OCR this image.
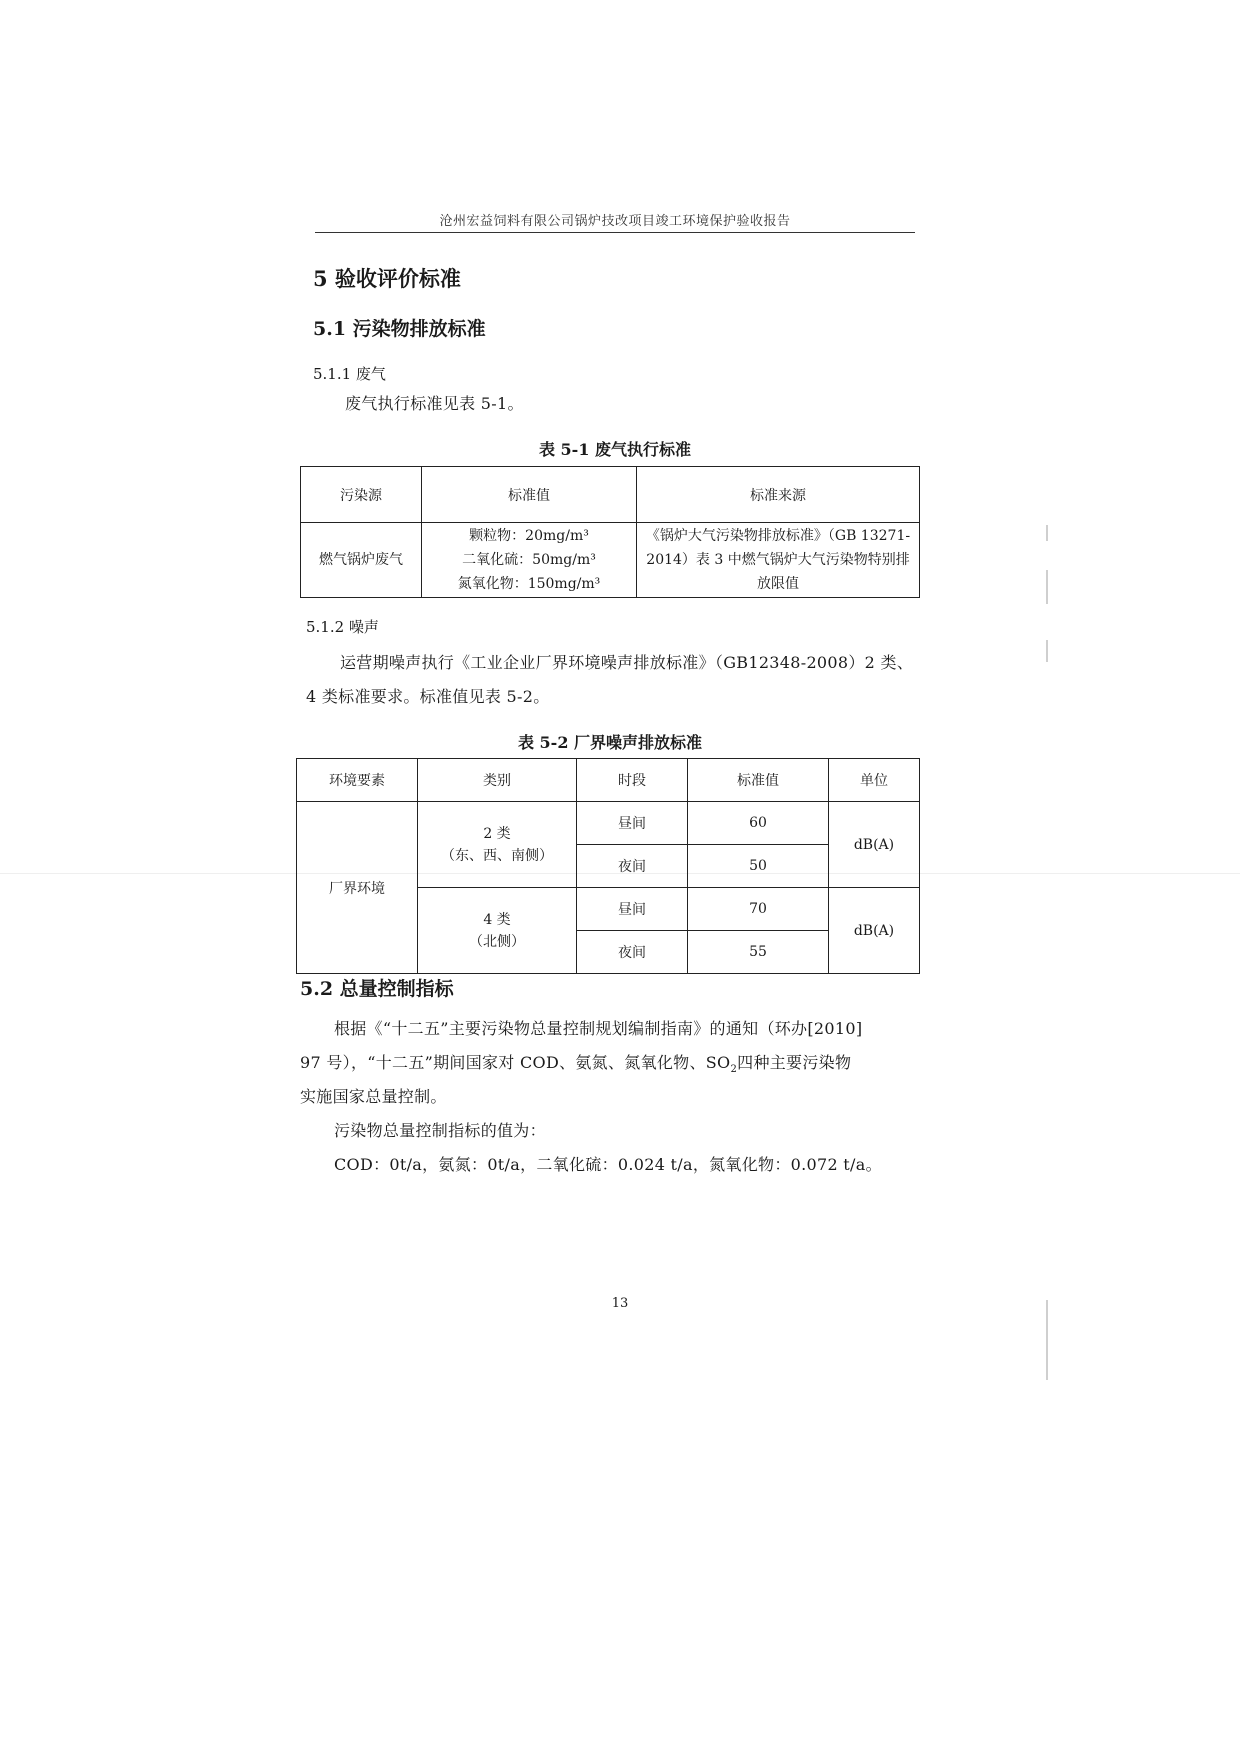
沧州宏益饲料有限公司锅炉技改项目竣工环境保护验收报告
5 验收评价标准
5.1 污染物排放标准
5.1.1 废气
废气执行标准见表 5-1。
表 5-1 废气执行标准
污染源	标准值	标准来源
燃气锅炉废气	颗粒物：20mg/m³
二氧化硫：50mg/m³
氮氧化物：150mg/m³	《锅炉大气污染物排放标准》（GB 13271-2014）表 3 中燃气锅炉大气污染物特别排放限值
5.1.2 噪声
运营期噪声执行《工业企业厂界环境噪声排放标准》（GB12348-2008）2 类、
4 类标准要求。标准值见表 5-2。
表 5-2 厂界噪声排放标准
环境要素	类别	时段	标准值	单位
厂界环境	2 类
（东、西、南侧）	昼间	60	dB(A)
		夜间	50	

	4 类
（北侧）	昼间	70	dB(A)
		夜间	55	
5.2 总量控制指标
根据《“十二五”主要污染物总量控制规划编制指南》的通知（环办[2010]
97 号），“十二五”期间国家对 COD、氨氮、氮氧化物、$SO_2$四种主要污染物
实施国家总量控制。
污染物总量控制指标的值为：
COD：0t/a，氨氮：0t/a，二氧化硫：0.024 t/a，氮氧化物：0.072 t/a。
13
